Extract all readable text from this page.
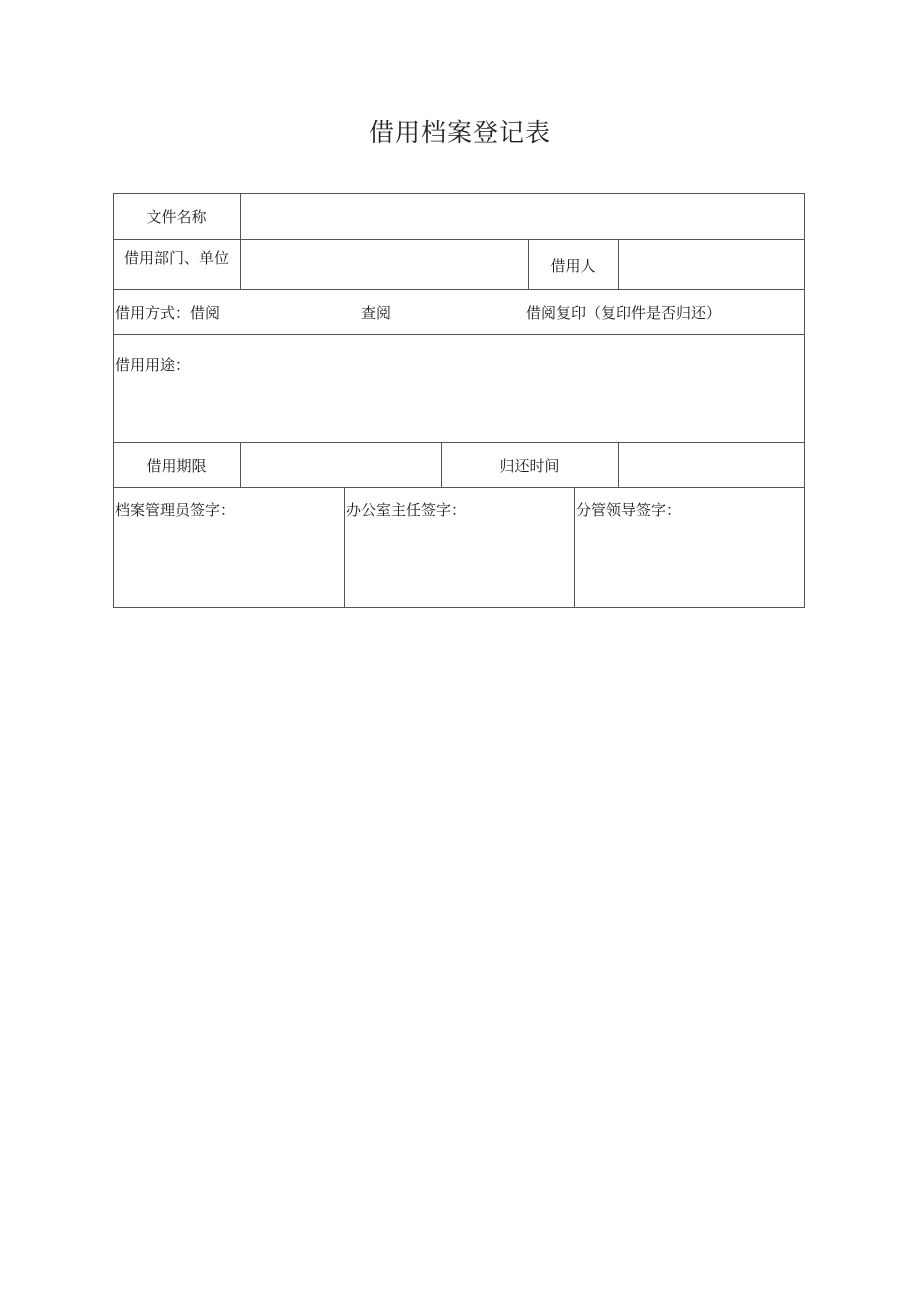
借用档案登记表
文件名称
借用部门、单位	借用人
借用方式：借阅	查阅	借阅复印（复印件是否归还）
借用用途：
借用期限	归还时间
档案管理员签字：	办公室主任签字：	分管领导签字：
